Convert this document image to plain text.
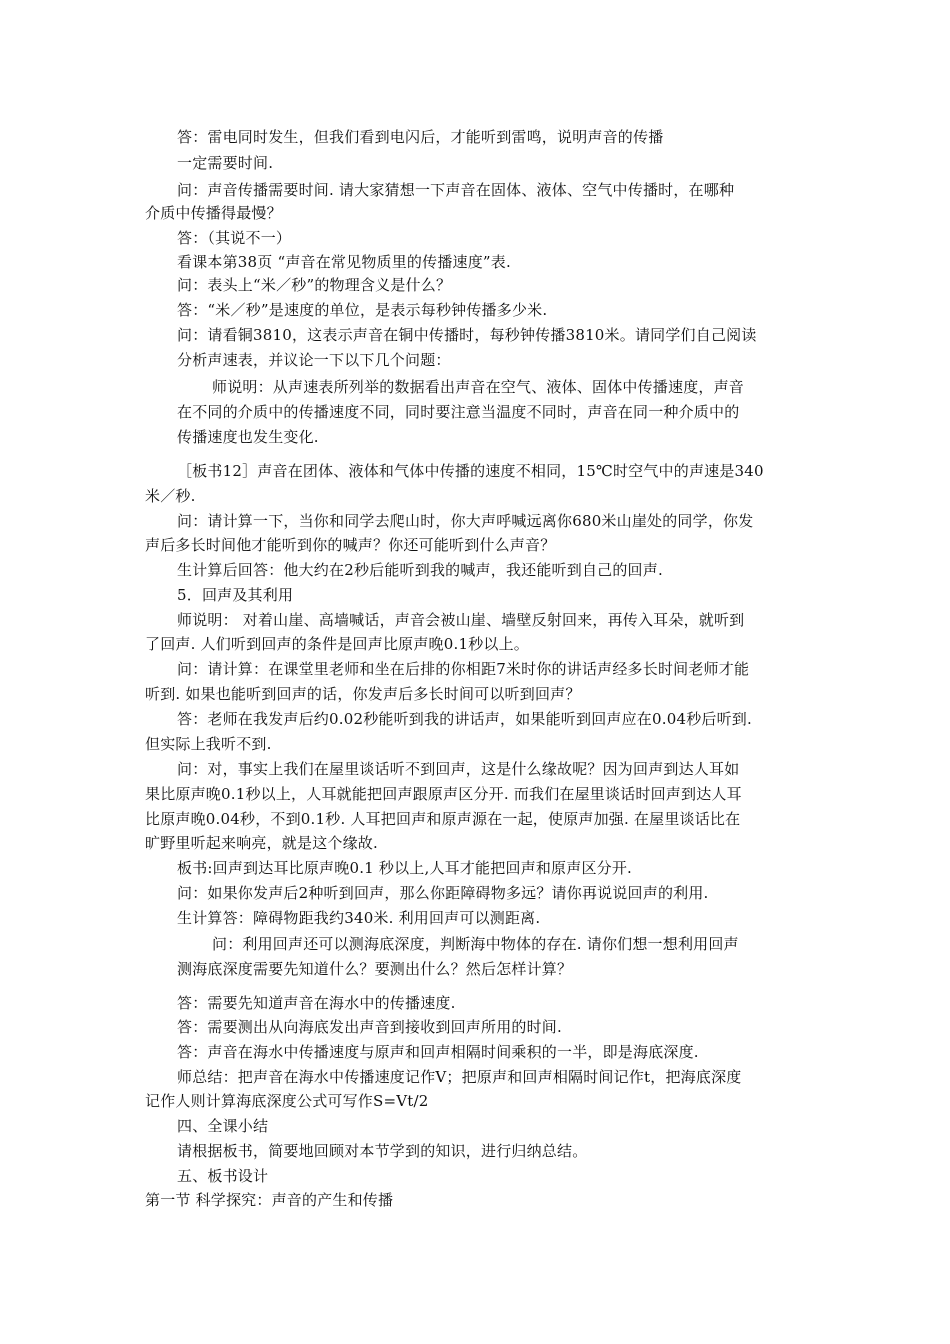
答：雷电同时发生，但我们看到电闪后，才能听到雷鸣，说明声音的传播
一定需要时间.
问：声音传播需要时间. 请大家猜想一下声音在固体、液体、空气中传播时，在哪种
介质中传播得最慢？
答：（其说不一）
看课本第38页 “声音在常见物质里的传播速度”表.
问：表头上“米／秒”的物理含义是什么？
答：“米／秒”是速度的单位，是表示每秒钟传播多少米.
问：请看铜3810，这表示声音在铜中传播时，每秒钟传播3810米。请同学们自己阅读
分析声速表，并议论一下以下几个问题：
师说明：从声速表所列举的数据看出声音在空气、液体、固体中传播速度，声音
在不同的介质中的传播速度不同，同时要注意当温度不同时，声音在同一种介质中的
传播速度也发生变化.
［板书12］声音在团体、液体和气体中传播的速度不相同，15℃时空气中的声速是340
米／秒.
问：请计算一下，当你和同学去爬山时，你大声呼喊远离你680米山崖处的同学，你发
声后多长时间他才能听到你的喊声？你还可能听到什么声音？
生计算后回答：他大约在2秒后能听到我的喊声，我还能听到自己的回声.
5．回声及其利用
师说明： 对着山崖、高墙喊话，声音会被山崖、墙壁反射回来，再传入耳朵，就听到
了回声. 人们听到回声的条件是回声比原声晚0.1秒以上。
问：请计算：在课堂里老师和坐在后排的你相距7米时你的讲话声经多长时间老师才能
听到. 如果也能听到回声的话，你发声后多长时间可以听到回声？
答：老师在我发声后约0.02秒能听到我的讲话声，如果能听到回声应在0.04秒后听到.
但实际上我听不到.
问：对，事实上我们在屋里谈话听不到回声，这是什么缘故呢？因为回声到达人耳如
果比原声晚0.1秒以上，人耳就能把回声跟原声区分开. 而我们在屋里谈话时回声到达人耳
比原声晚0.04秒，不到0.1秒. 人耳把回声和原声源在一起，使原声加强. 在屋里谈话比在
旷野里听起来响亮，就是这个缘故.
板书:回声到达耳比原声晚0.1 秒以上,人耳才能把回声和原声区分开.
问：如果你发声后2种听到回声，那么你距障碍物多远？请你再说说回声的利用.
生计算答：障碍物距我约340米. 利用回声可以测距离.
问：利用回声还可以测海底深度，判断海中物体的存在. 请你们想一想利用回声
测海底深度需要先知道什么？要测出什么？然后怎样计算？
答：需要先知道声音在海水中的传播速度.
答：需要测出从向海底发出声音到接收到回声所用的时间.
答：声音在海水中传播速度与原声和回声相隔时间乘积的一半，即是海底深度.
师总结：把声音在海水中传播速度记作V；把原声和回声相隔时间记作t，把海底深度
记作人则计算海底深度公式可写作S=Vt/2
四、全课小结
请根据板书，简要地回顾对本节学到的知识，进行归纳总结。
五、板书设计
第一节 科学探究：声音的产生和传播
